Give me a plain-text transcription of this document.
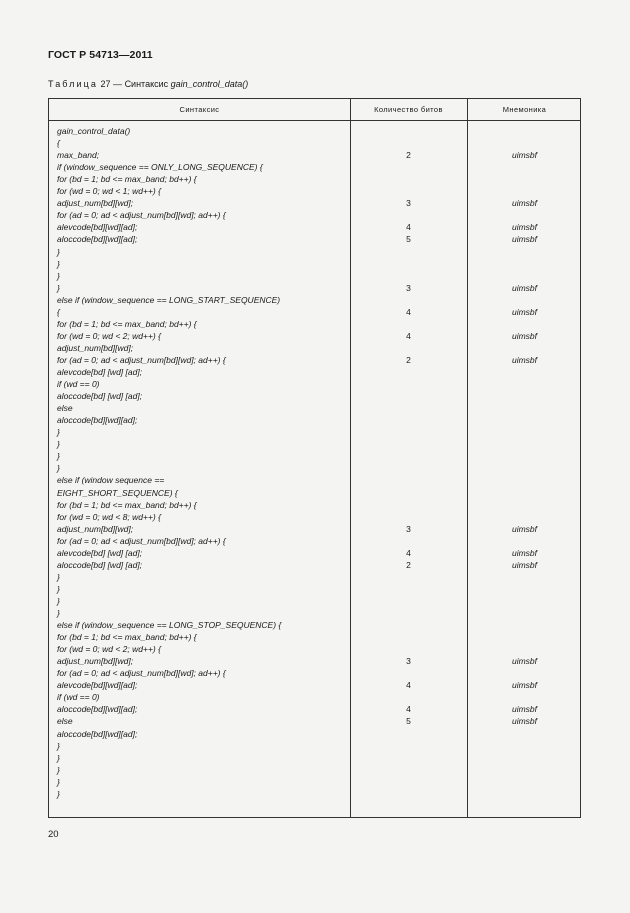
ГОСТ Р 54713—2011
Таблица 27 — Синтаксис gain_control_data()
Синтаксис	Количество битов	Мнемоника
gain_control_data()
{
max_band;	2	uimsbf
if (window_sequence == ONLY_LONG_SEQUENCE) {
for (bd = 1; bd <= max_band; bd++) {
for (wd = 0; wd < 1; wd++) {
adjust_num[bd][wd];	3	uimsbf
for (ad = 0; ad < adjust_num[bd][wd]; ad++) {
alevcode[bd][wd][ad];	4	uimsbf
aloccode[bd][wd][ad];	5	uimsbf
}
}
}
}	3	uimsbf
else if (window_sequence == LONG_START_SEQUENCE)
{	4	uimsbf
for (bd = 1; bd <= max_band; bd++) {
for (wd = 0; wd < 2; wd++) {	4	uimsbf
adjust_num[bd][wd];
for (ad = 0; ad < adjust_num[bd][wd]; ad++) {	2	uimsbf
alevcode[bd] [wd] [ad];
if (wd == 0)
aloccode[bd] [wd] [ad];
else
aloccode[bd][wd][ad];
}
}
}
}
else if (window sequence ==
EIGHT_SHORT_SEQUENCE) {
for (bd = 1; bd <= max_band; bd++) {
for (wd = 0; wd < 8; wd++) {
adjust_num[bd][wd];	3	uimsbf
for (ad = 0; ad < adjust_num[bd][wd]; ad++) {
alevcode[bd] [wd] [ad];	4	uimsbf
aloccode[bd] [wd] [ad];	2	uimsbf
}
}
}
}
else if (window_sequence == LONG_STOP_SEQUENCE) {
for (bd = 1; bd <= max_band; bd++) {
for (wd = 0; wd < 2; wd++) {
adjust_num[bd][wd];	3	uimsbf
for (ad = 0; ad < adjust_num[bd][wd]; ad++) {
alevcode[bd][wd][ad];	4	uimsbf
if (wd == 0)
aloccode[bd][wd][ad];	4	uimsbf
else	5	uimsbf
aloccode[bd][wd][ad];
}
}
}
}
}
20
